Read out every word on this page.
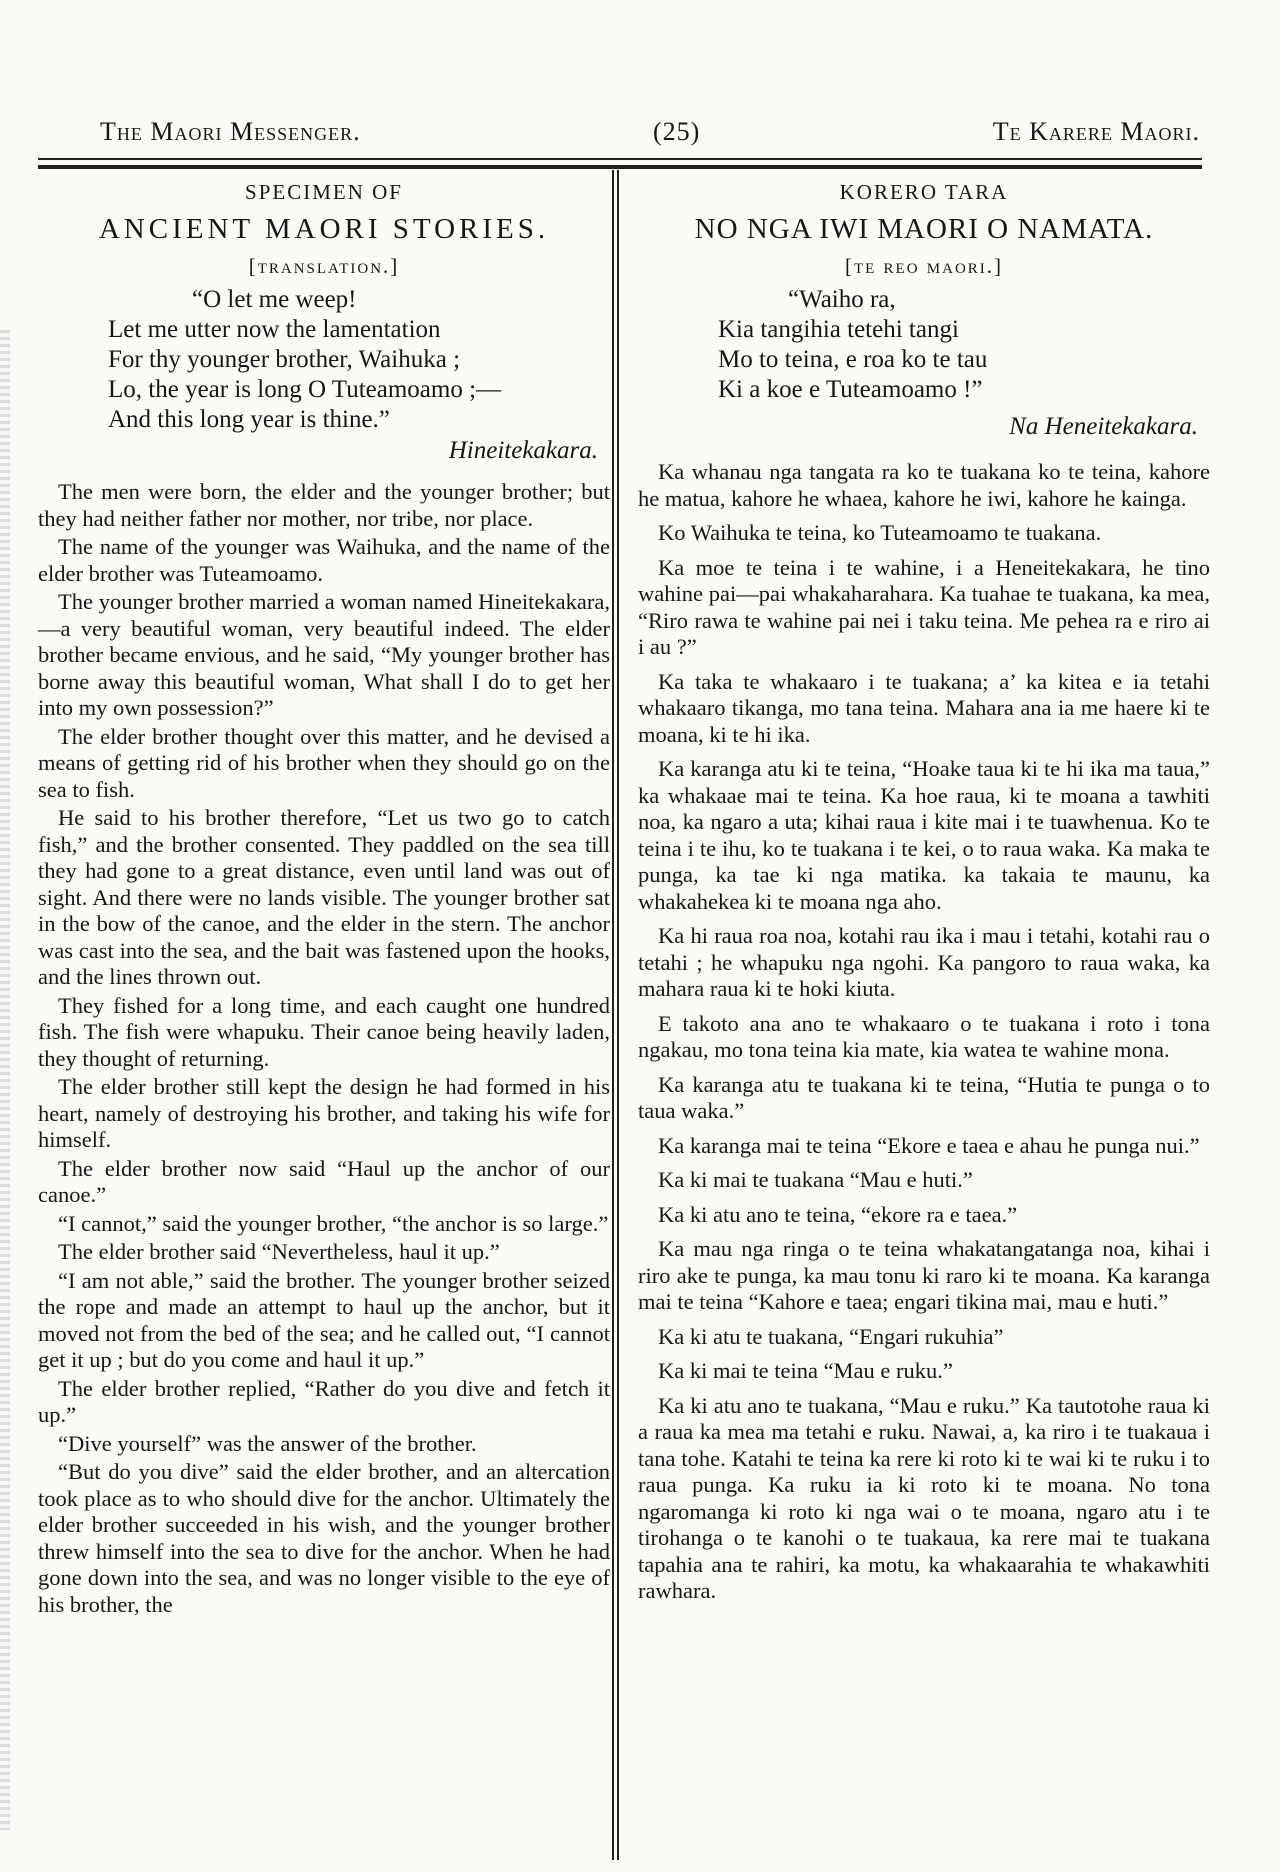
The Maori Messenger.	(25)	Te Karere Maori.
SPECIMEN OF
ANCIENT MAORI STORIES.
[translation.]
“O let me weep!
Let me utter now the lamentation
For thy younger brother, Waihuka ;
Lo, the year is long O Tuteamoamo ;—
And this long year is thine.”
Hineitekakara.

The men were born, the elder and the younger brother; but they had neither father nor mother, nor tribe, nor place.

The name of the younger was Waihuka, and the name of the elder brother was Tuteamoamo.

The younger brother married a woman named Hineitekakara,—a very beautiful woman, very beautiful indeed. The elder brother became envious, and he said, “My younger brother has borne away this beautiful woman, What shall I do to get her into my own possession?”

The elder brother thought over this matter, and he devised a means of getting rid of his brother when they should go on the sea to fish.

He said to his brother therefore, “Let us two go to catch fish,” and the brother consented. They paddled on the sea till they had gone to a great distance, even until land was out of sight. And there were no lands visible. The younger brother sat in the bow of the canoe, and the elder in the stern. The anchor was cast into the sea, and the bait was fastened upon the hooks, and the lines thrown out.

They fished for a long time, and each caught one hundred fish. The fish were whapuku. Their canoe being heavily laden, they thought of returning.

The elder brother still kept the design he had formed in his heart, namely of destroying his brother, and taking his wife for himself.

The elder brother now said “Haul up the anchor of our canoe.”

“I cannot,” said the younger brother, “the anchor is so large.”

The elder brother said “Nevertheless, haul it up.”

“I am not able,” said the brother. The younger brother seized the rope and made an attempt to haul up the anchor, but it moved not from the bed of the sea; and he called out, “I cannot get it up ; but do you come and haul it up.”

The elder brother replied, “Rather do you dive and fetch it up.”

“Dive yourself” was the answer of the brother.

“But do you dive” said the elder brother, and an altercation took place as to who should dive for the anchor. Ultimately the elder brother succeeded in his wish, and the younger brother threw himself into the sea to dive for the anchor. When he had gone down into the sea, and was no longer visible to the eye of his brother, the

KORERO TARA
NO NGA IWI MAORI O NAMATA.
[te reo maori.]
“Waiho ra,
Kia tangihia tetehi tangi
Mo to teina, e roa ko te tau
Ki a koe e Tuteamoamo !”
Na Heneitekakara.

Ka whanau nga tangata ra ko te tuakana ko te teina, kahore he matua, kahore he whaea, kahore he iwi, kahore he kainga.

Ko Waihuka te teina, ko Tuteamoamo te tuakana.

Ka moe te teina i te wahine, i a Heneitekakara, he tino wahine pai—pai whakaharahara. Ka tuahae te tuakana, ka mea, “Riro rawa te wahine pai nei i taku teina. Me pehea ra e riro ai i au ?”

Ka taka te whakaaro i te tuakana; a’ ka kitea e ia tetahi whakaaro tikanga, mo tana teina. Mahara ana ia me haere ki te moana, ki te hi ika.

Ka karanga atu ki te teina, “Hoake taua ki te hi ika ma taua,” ka whakaae mai te teina. Ka hoe raua, ki te moana a tawhiti noa, ka ngaro a uta; kihai raua i kite mai i te tuawhenua. Ko te teina i te ihu, ko te tuakana i te kei, o to raua waka. Ka maka te punga, ka tae ki nga matika. ka takaia te maunu, ka whakahekea ki te moana nga aho.

Ka hi raua roa noa, kotahi rau ika i mau i tetahi, kotahi rau o tetahi ; he whapuku nga ngohi. Ka pangoro to raua waka, ka mahara raua ki te hoki kiuta.

E takoto ana ano te whakaaro o te tuakana i roto i tona ngakau, mo tona teina kia mate, kia watea te wahine mona.

Ka karanga atu te tuakana ki te teina, “Hutia te punga o to taua waka.”

Ka karanga mai te teina “Ekore e taea e ahau he punga nui.”

Ka ki mai te tuakana “Mau e huti.”

Ka ki atu ano te teina, “ekore ra e taea.”

Ka mau nga ringa o te teina whakatangatanga noa, kihai i riro ake te punga, ka mau tonu ki raro ki te moana. Ka karanga mai te teina “Kahore e taea; engari tikina mai, mau e huti.”

Ka ki atu te tuakana, “Engari rukuhia”

Ka ki mai te teina “Mau e ruku.”

Ka ki atu ano te tuakana, “Mau e ruku.” Ka tautotohe raua ki a raua ka mea ma tetahi e ruku. Nawai, a, ka riro i te tuakaua i tana tohe. Katahi te teina ka rere ki roto ki te wai ki te ruku i to raua punga. Ka ruku ia ki roto ki te moana. No tona ngaromanga ki roto ki nga wai o te moana, ngaro atu i te tirohanga o te kanohi o te tuakaua, ka rere mai te tuakana tapahia ana te rahiri, ka motu, ka whakaarahia te whakawhiti rawhara.
